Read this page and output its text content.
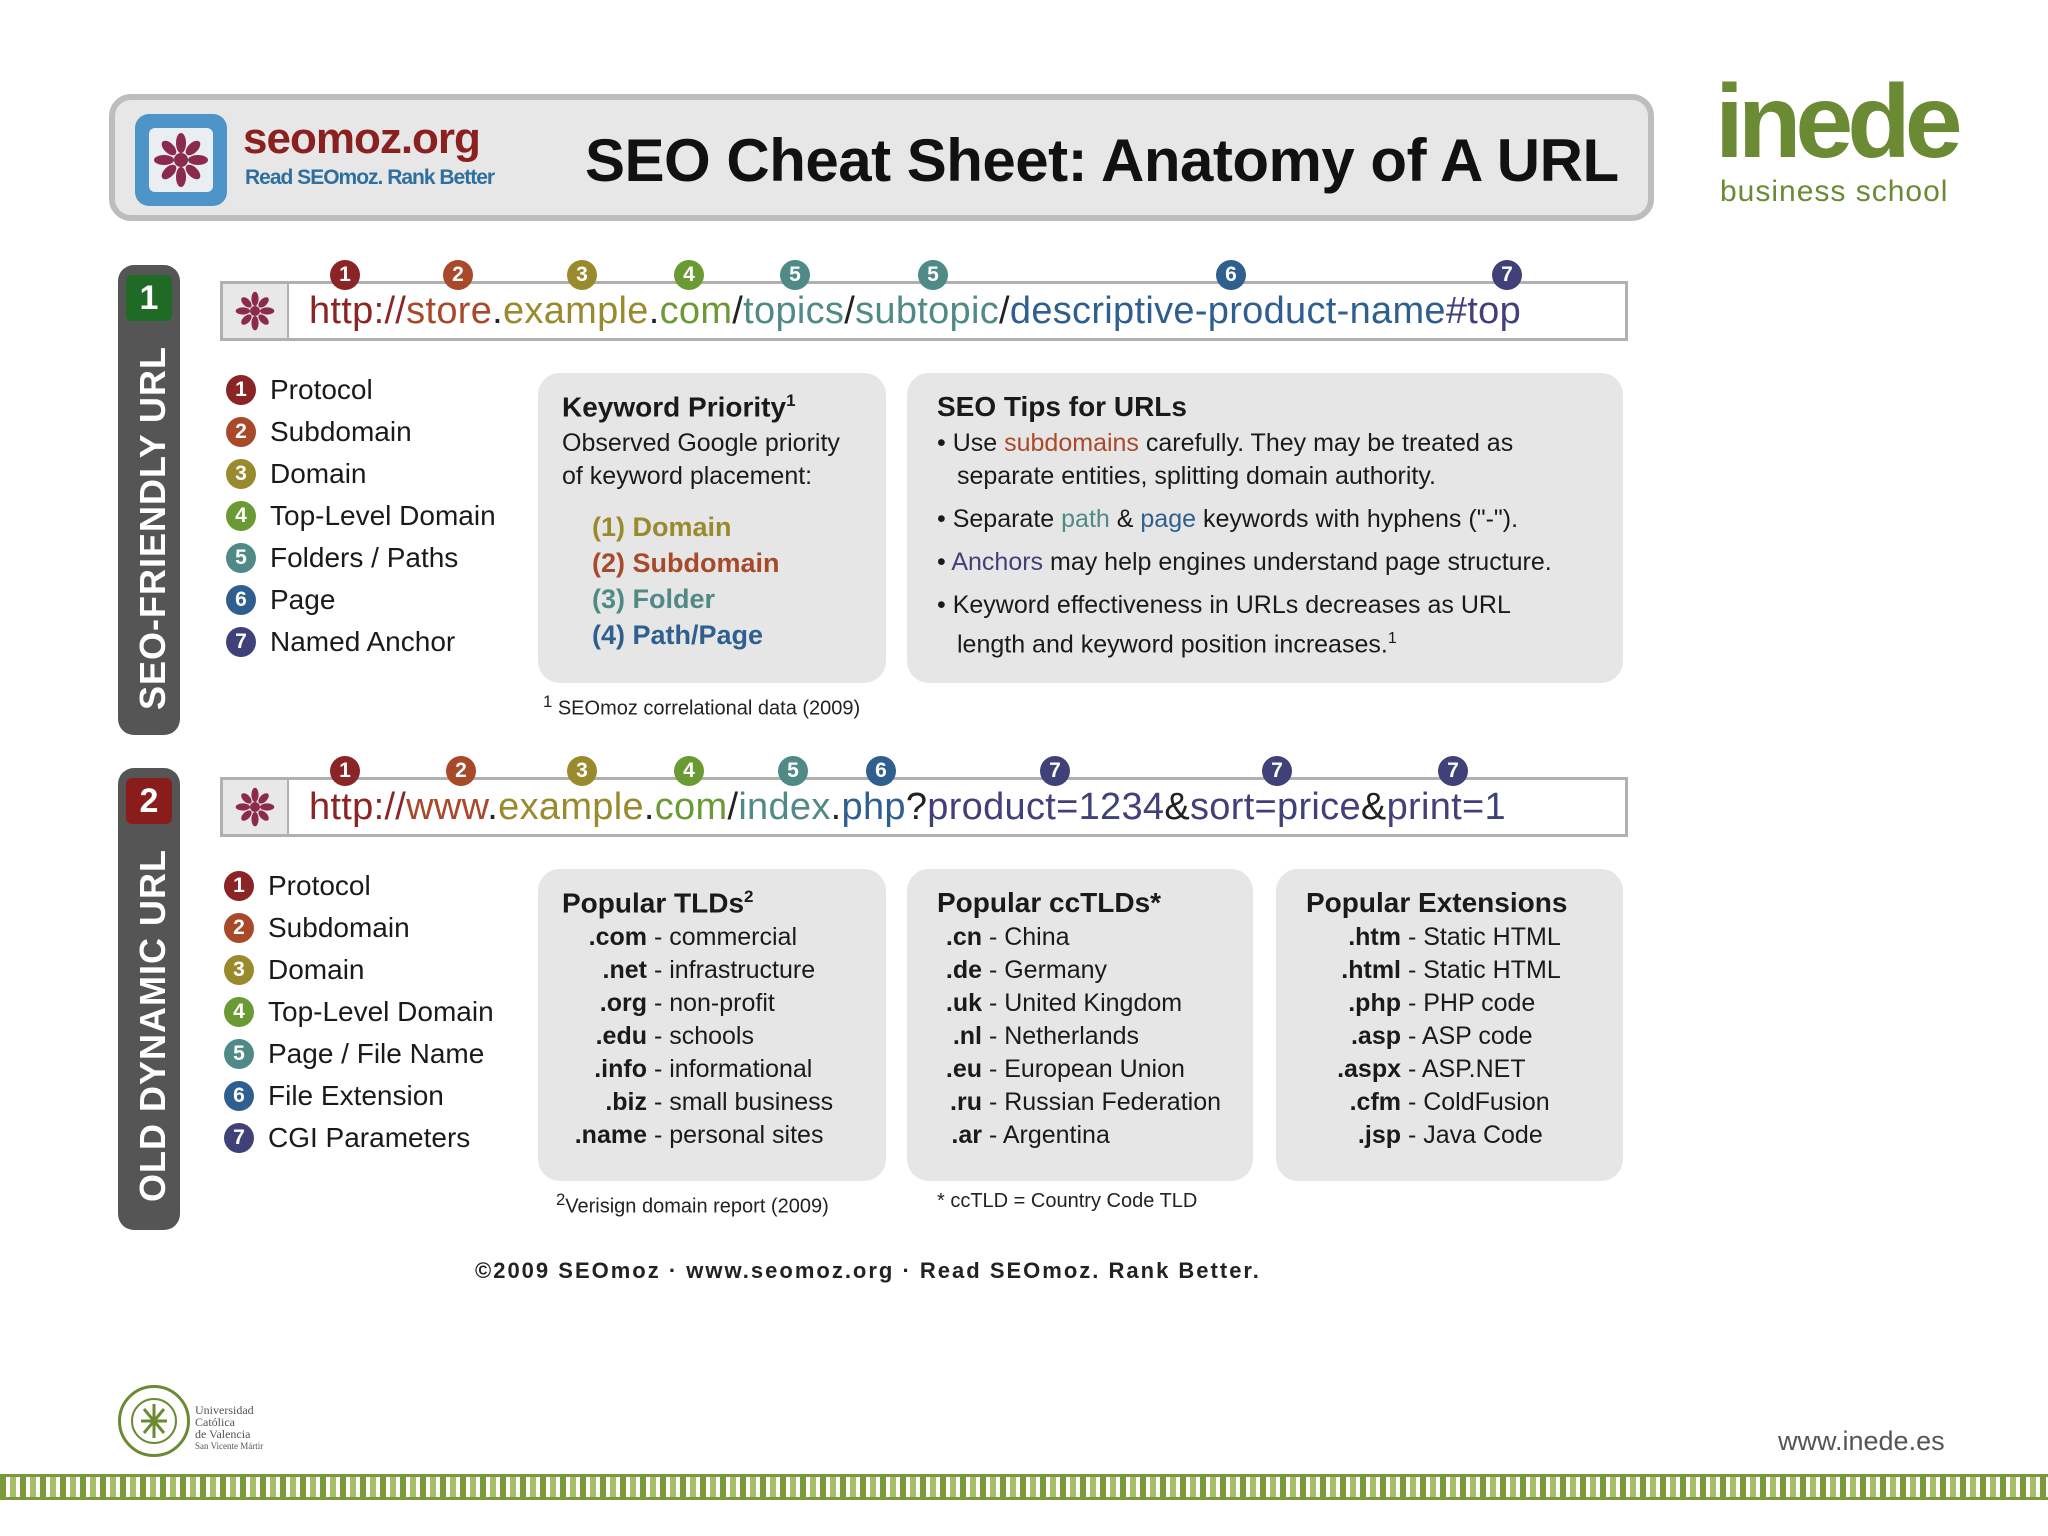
seomoz.org
Read SEOmoz. Rank Better SEO Cheat Sheet: Anatomy of A URL inede
business school
1
SEO-FRIENDLY URL
http://store.example.com/topics/subtopic/descriptive-product-name#top
1	2	3	4	5	5	6	7
1 Protocol
2 Subdomain
3 Domain
4 Top-Level Domain
5 Folders / Paths
6 Page
7 Named Anchor
Keyword Priority$^1$
Observed Google priority
of keyword placement:
(1) Domain
(2) Subdomain
(3) Folder
(4) Path/Page
$^1$ SEOmoz correlational data (2009)
SEO Tips for URLs
• Use subdomains carefully. They may be treated as
separate entities, splitting domain authority.
• Separate path & page keywords with hyphens ("-").
• Anchors may help engines understand page structure.
• Keyword effectiveness in URLs decreases as URL
length and keyword position increases.$^1$
2
OLD DYNAMIC URL
http://www.example.com/index.php?product=1234&sort=price&print=1
1	2	3	4	5	6	7	7	7
1 Protocol
2 Subdomain
3 Domain
4 Top-Level Domain
5 Page / File Name
6 File Extension
7 CGI Parameters
Popular TLDs$^2$
.com - commercial
.net - infrastructure
.org - non-profit
.edu - schools
.info - informational
.biz - small business
.name - personal sites
$^2$Verisign domain report (2009)
Popular ccTLDs*
.cn - China
.de - Germany
.uk - United Kingdom
.nl - Netherlands
.eu - European Union
.ru - Russian Federation
.ar - Argentina
* ccTLD = Country Code TLD
Popular Extensions
.htm - Static HTML
.html - Static HTML
.php - PHP code
.asp - ASP code
.aspx - ASP.NET
.cfm - ColdFusion
.jsp - Java Code
©2009 SEOmoz · www.seomoz.org · Read SEOmoz. Rank Better.
Universidad
Católica
de Valencia
San Vicente Mártir	www.inede.es
